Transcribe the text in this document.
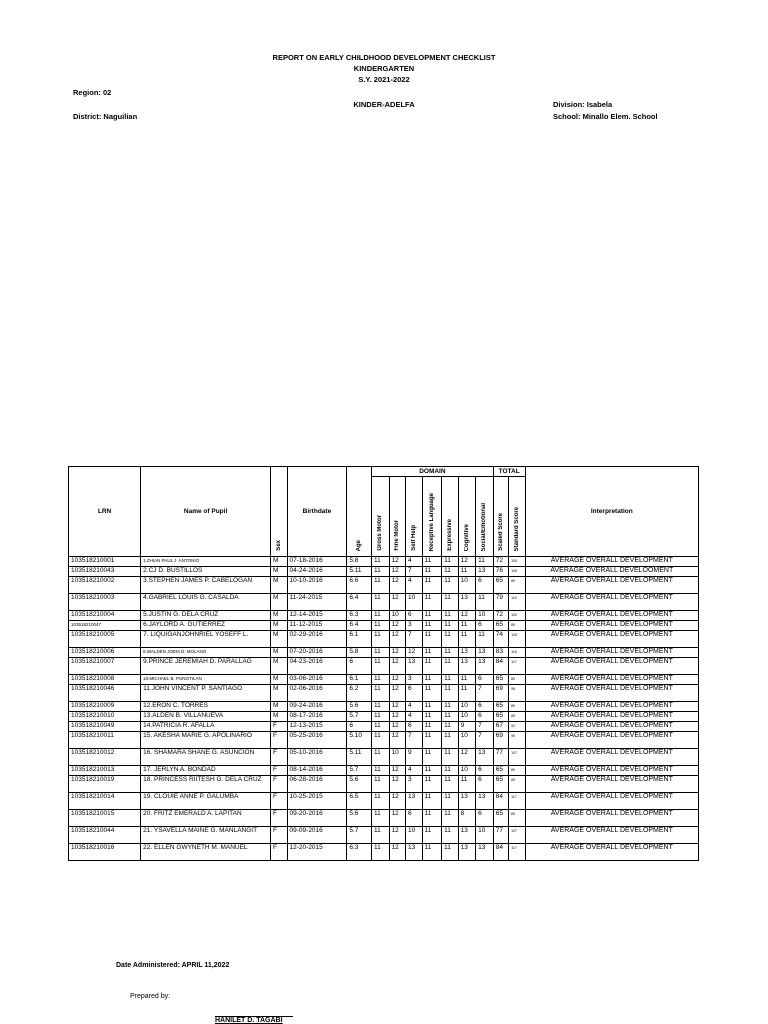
REPORT ON EARLY CHILDHOOD DEVELOPMENT CHECKLIST
KINDERGARTEN
S.Y. 2021-2022
Region: 02
KINDER-ADELFA	Division: Isabela
District: Naguilian	School: Minallo Elem. School
LRN	Name of Pupil	Sex	Birthdate	Age	DOMAIN							TOTAL		Interpretation
					Gross Motor	Fine Motor	Self Help	Receptive Language	Expressive	Cognitive	Social/Emotional	Scaled Score	Standard Score	
103518210001	1.ZHIAN PAUL J. ANTONIO	M	07-18-2016	5.8	11	12	4	11	11	12	11	72	100	AVERAGE OVERALL DEVELOPMENT
103518210043	2.CJ D. BUSTILLOS	M	04-24-2016	5.11	11	12	7	11	11	11	13	76	105	AVERAGE OVERALL DEVELOOMENT
103518210002	3.STEPHEN JAMES P. CABELOGAN	M	10-10-2016	6.6	11	12	4	11	11	10	6	65	89	AVERAGE OVERALL DEVELOPMENT
103518210003	4.GABRIEL LOUIS G. CASALDA	M	11-24-2015	6.4	11	12	10	11	11	13	11	79	110	AVERAGE OVERALL DEVELOPMENT
103518210004	5.JUSTIN G. DELA CRUZ	M	12-14-2015	6.3	11	10	6	11	11	12	10	72	100	AVERAGE OVERALL DEVELOPMENT
103518210047	6.JAYLORD A. GUTIERREZ	M	11-12-2015	6.4	11	12	3	11	11	11	6	65	89	AVERAGE OVERALL DEVELOPMENT
103518210005	7. LIQUIGANJOHNRIEL YOSEFF L.	M	02-29-2016	6.1	11	12	7	11	11	11	11	74	103	AVERAGE OVERALL DEVELOPMENT
103518210006	8.WALDEN JOEM D. MOLANO	M	07-20-2016	5.8	11	12	12	11	11	13	13	83	116	AVERAGE OVERALL DEVELOPMENT
103518210007	9.PRINCE JEREMIAH D. PARALLAG	M	04-23-2016	6	11	12	13	11	11	13	13	84	117	AVERAGE OVERALL DEVELOPMENT
103518210008	10.MICHAEL B. PUNGTILAN	M	03-06-2016	6.1	11	12	3	11	11	11	6	65	89	AVERAGE OVERALL DEVELOPMENT
103518210046	11.JOHN VINCENT P. SANTIAGO	M	02-06-2016	6.2	11	12	6	11	11	11	7	69	95	AVERAGE OVERALL DEVELOPMENT
103518210009	12.ERON C. TORRES	M	09-24-2016	5.6	11	12	4	11	11	10	6	65	89	AVERAGE OVERALL DEVELOPMENT
103518210010	13.ALDEN B. VILLANUEVA	M	08-17-2016	5.7	11	12	4	11	11	10	6	65	89	AVERAGE OVERALL DEVELOPMENT
103518210049	14.PATRICIA R. AFALLA	F	12-13-2015	6	11	12	6	11	11	9	7	67	92	AVERAGE OVERALL DEVELOPMENT
103518210011	15. AKESHA MARIE G. APOLINARIO	F	05-25-2016	5.10	11	12	7	11	11	10	7	69	95	AVERAGE OVERALL DEVELOPMENT
103518210012	16. SHAMARA SHANE G. ASUNCION	F	05-10-2016	5.11	11	10	9	11	11	12	13	77	107	AVERAGE OVERALL DEVELOPMENT
103518210013	17. JERLYN A. BONDAD	F	08-14-2016	5.7	11	12	4	11	11	10	6	65	89	AVERAGE OVERALL DEVELOPMENT
103518210019	18. PRINCESS RIITESH G. DELA CRUZ	F	06-28-2016	5.6	11	12	3	11	11	11	6	65	89	AVERAGE OVERALL DEVELOPMENT
103518210014	19. CLOUIE ANNE P. GALUMBA	F	10-25-2015	6.5	11	12	13	11	11	13	13	84	117	AVERAGE OVERALL DEVELOPMENT
103518210015	20. FRITZ EMERALD A. LAPITAN	F	09-20-2016	5.6	11	12	6	11	11	8	6	65	89	AVERAGE OVERALL DEVELOPMENT
103518210044	21. YSAVELLA MAINE G. MANLANGIT	F	09-09-2016	5.7	11	12	10	11	11	13	10	77	107	AVERAGE OVERALL DEVELOPMENT
103518210016	22. ELLEN GWYNETH M. MANUEL	F	12-20-2015	6.3	11	12	13	11	11	13	13	84	117	AVERAGE OVERALL DEVELOPMENT
Date Administered: APRIL 11,2022
Prepared by:
HANILET D. TAGABI
